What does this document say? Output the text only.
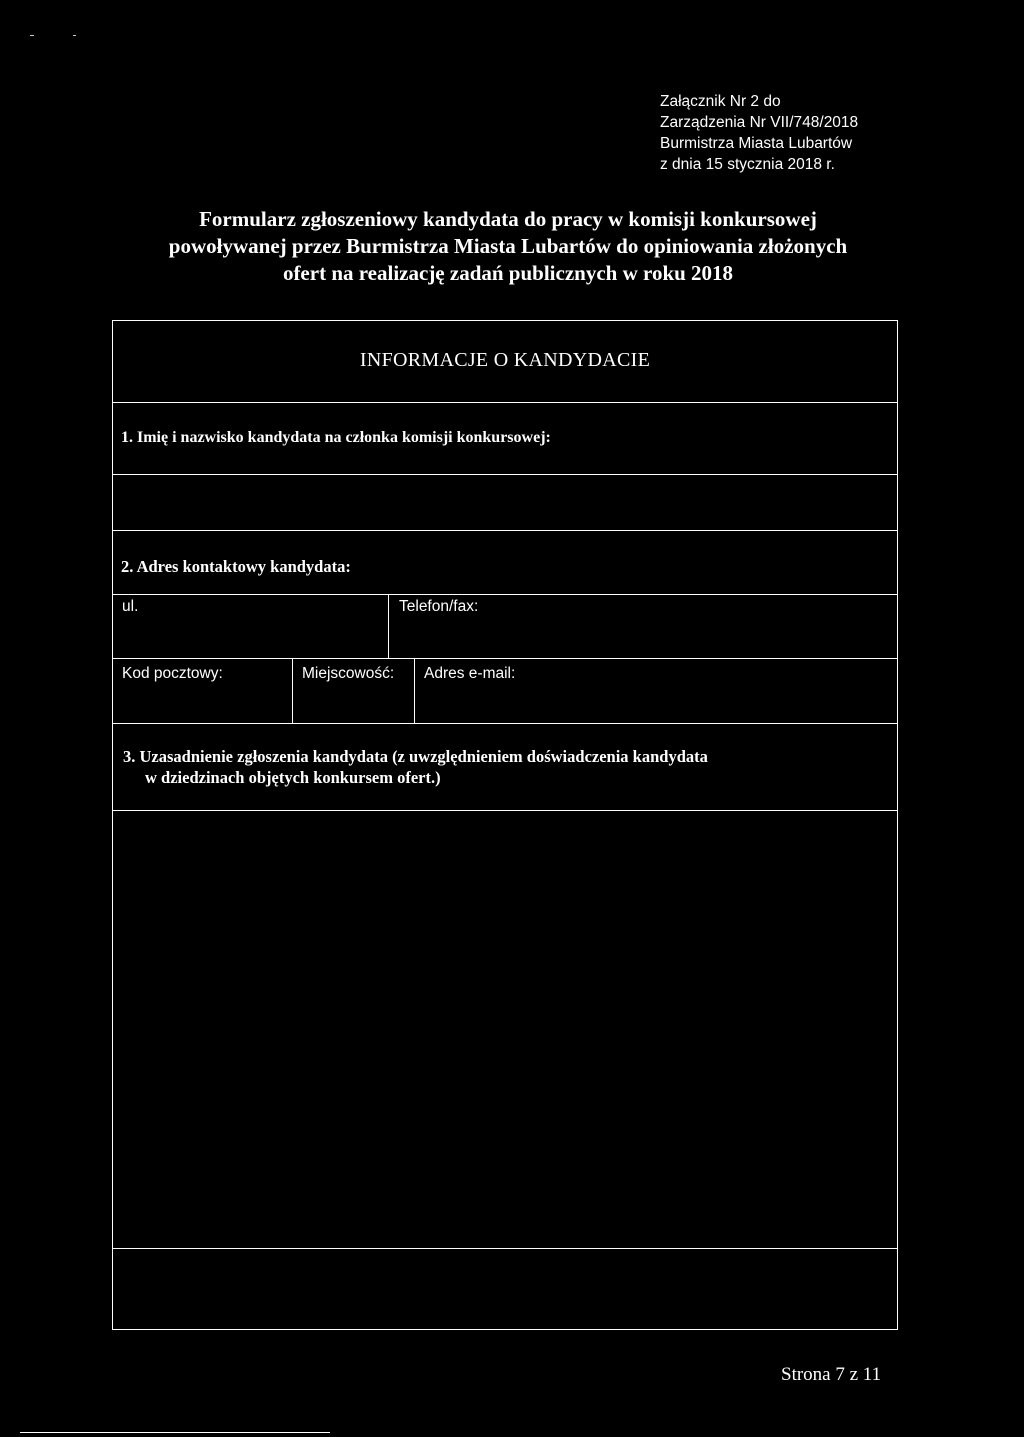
Załącznik Nr 2 do
Zarządzenia Nr VII/748/2018
Burmistrza Miasta Lubartów
z dnia 15 stycznia 2018 r.
Formularz zgłoszeniowy kandydata do pracy w komisji konkursowej
powoływanej przez Burmistrza Miasta Lubartów do opiniowania złożonych
ofert na realizację zadań publicznych w roku 2018
INFORMACJE O KANDYDACIE
1. Imię i nazwisko kandydata na członka komisji konkursowej:
2. Adres kontaktowy kandydata:
ul.	Telefon/fax:
Kod pocztowy:	Miejscowość: Adres e-mail:
3. Uzasadnienie zgłoszenia kandydata (z uwzględnieniem doświadczenia kandydata
w dziedzinach objętych konkursem ofert.)
Strona 7 z 11
